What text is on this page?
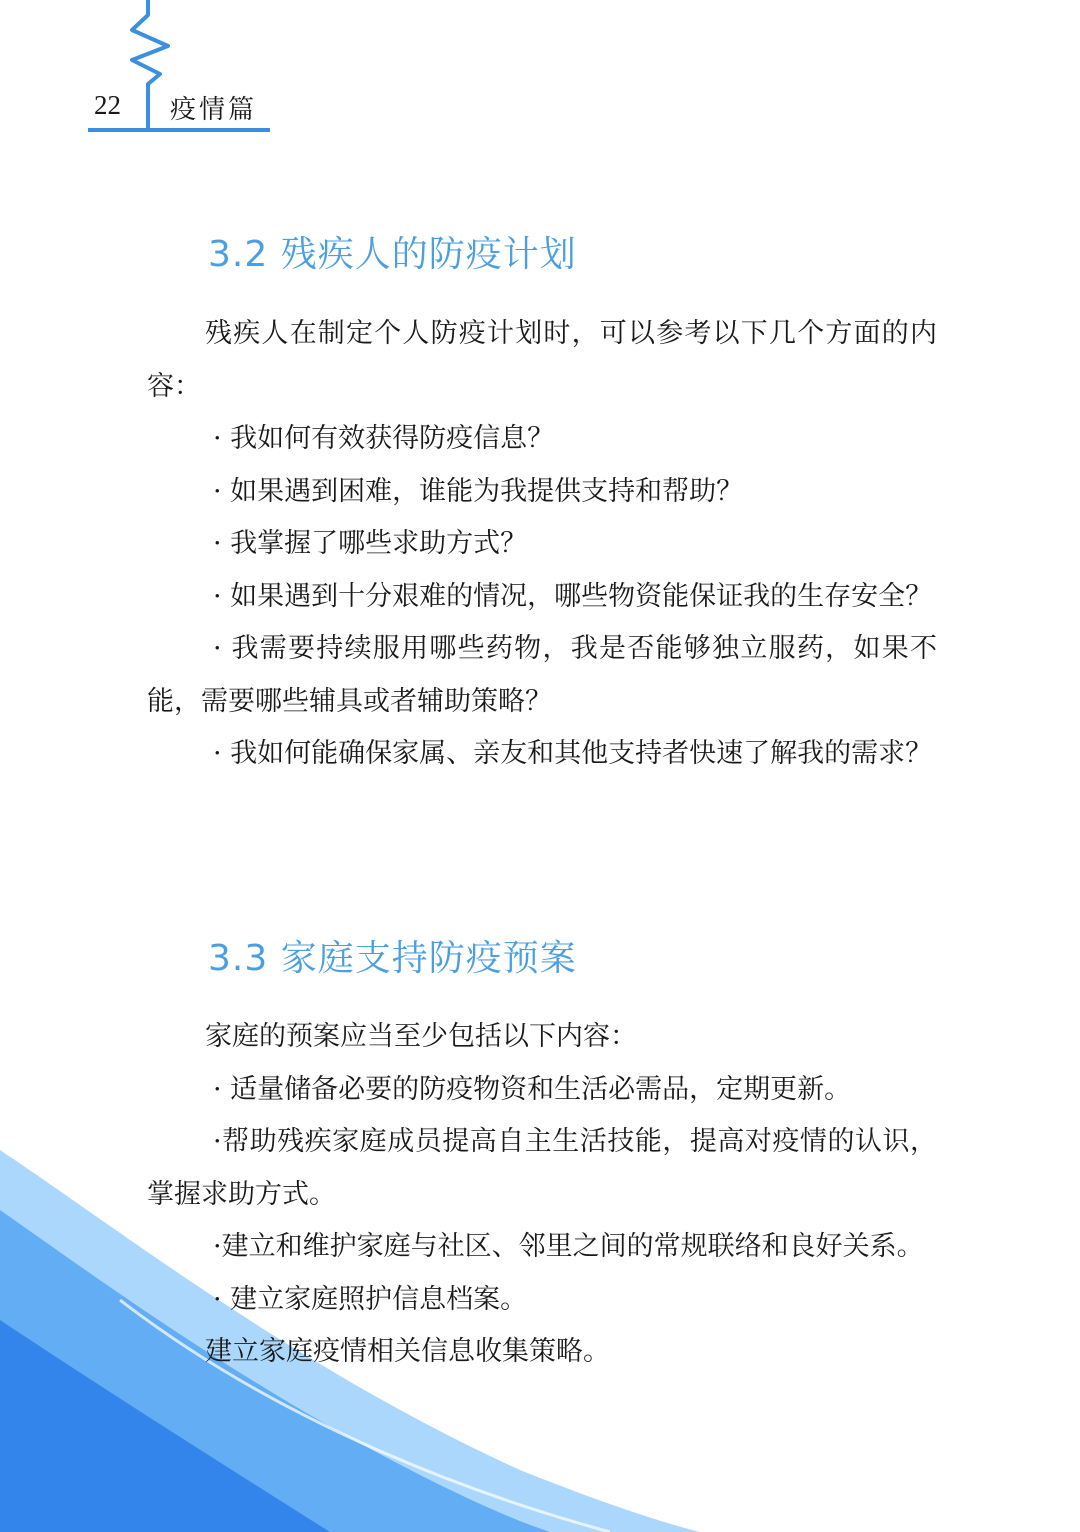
22 疫情篇
3.2 残疾人的防疫计划

残疾人在制定个人防疫计划时，可以参考以下几个方面的内容：

· 我如何有效获得防疫信息？

· 如果遇到困难，谁能为我提供支持和帮助？

· 我掌握了哪些求助方式？

· 如果遇到十分艰难的情况，哪些物资能保证我的生存安全？

· 我需要持续服用哪些药物，我是否能够独立服药，如果不能，需要哪些辅具或者辅助策略？

· 我如何能确保家属、亲友和其他支持者快速了解我的需求？

3.3 家庭支持防疫预案

家庭的预案应当至少包括以下内容：

· 适量储备必要的防疫物资和生活必需品，定期更新。

·帮助残疾家庭成员提高自主生活技能，提高对疫情的认识，掌握求助方式。

·建立和维护家庭与社区、邻里之间的常规联络和良好关系。

· 建立家庭照护信息档案。

建立家庭疫情相关信息收集策略。
